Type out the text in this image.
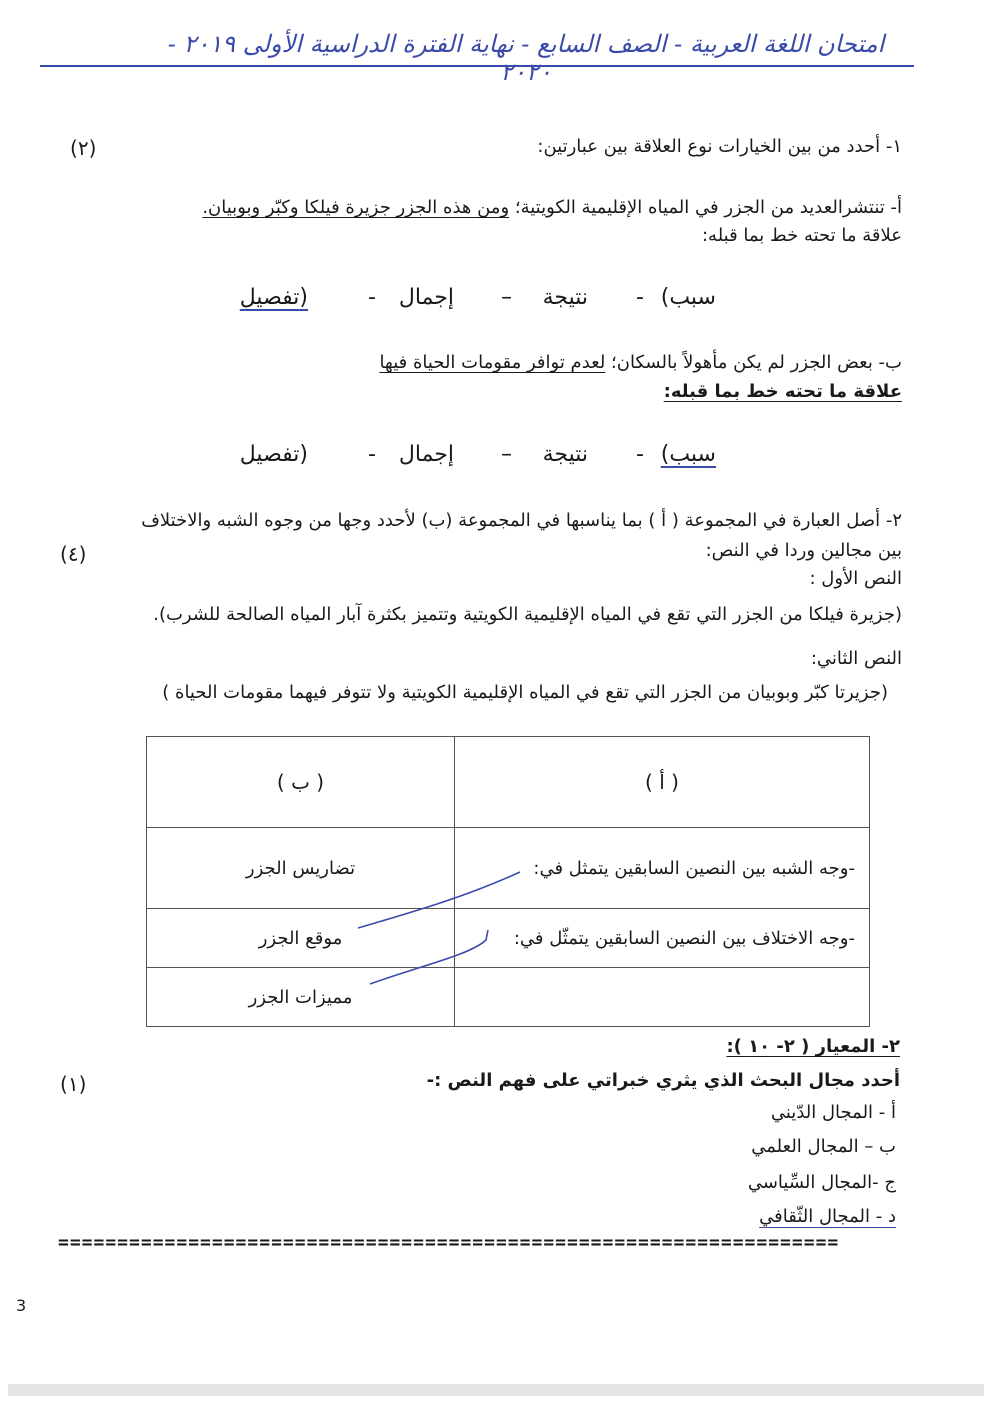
امتحان اللغة العربية - الصف السابع - نهاية الفترة الدراسية الأولى ٢٠١٩ - ٢٠٢٠
١- أحدد من بين الخيارات نوع العلاقة بين عبارتين:
(٢)
أ- تنتشرالعديد من الجزر في المياه الإقليمية الكويتية؛ ومن هذه الجزر جزيرة فيلكا وكبّر وبوبيان.
علاقة ما تحته خط بما قبله:
(سبب
-
نتيجة
–
إجمال
-
تفصيل)
ب- بعض الجزر لم يكن مأهولاً بالسكان؛ لعدم توافر مقومات الحياة فيها
علاقة ما تحته خط بما قبله:
(سبب
-
نتيجة
–
إجمال
-
تفصيل)
٢- أصل العبارة في المجموعة ( أ ) بما يناسبها في المجموعة (ب) لأحدد وجها من وجوه الشبه والاختلاف
بين مجالين وردا في النص:
(٤)
النص الأول :
(جزيرة فيلكا من الجزر التي تقع في المياه الإقليمية الكويتية وتتميز بكثرة آبار المياه الصالحة للشرب).
النص الثاني:
(جزيرتا كبّر وبوبيان من الجزر التي تقع في المياه الإقليمية الكويتية ولا تتوفر فيهما مقومات الحياة )
( أ )	( ب )
-وجه الشبه بين النصين السابقين يتمثل في:	تضاريس الجزر
-وجه الاختلاف بين النصين السابقين يتمثّل في:	موقع الجزر
	مميزات الجزر
٢- المعيار ( ٢- ١٠ ):
أحدد مجال البحث الذي يثري خبراتي على فهم النص :-
(١)
أ - المجال الدّيني
ب – المجال العلمي
ج -المجال السِّياسي
د - المجال الثّقافي
==================================================================
3
